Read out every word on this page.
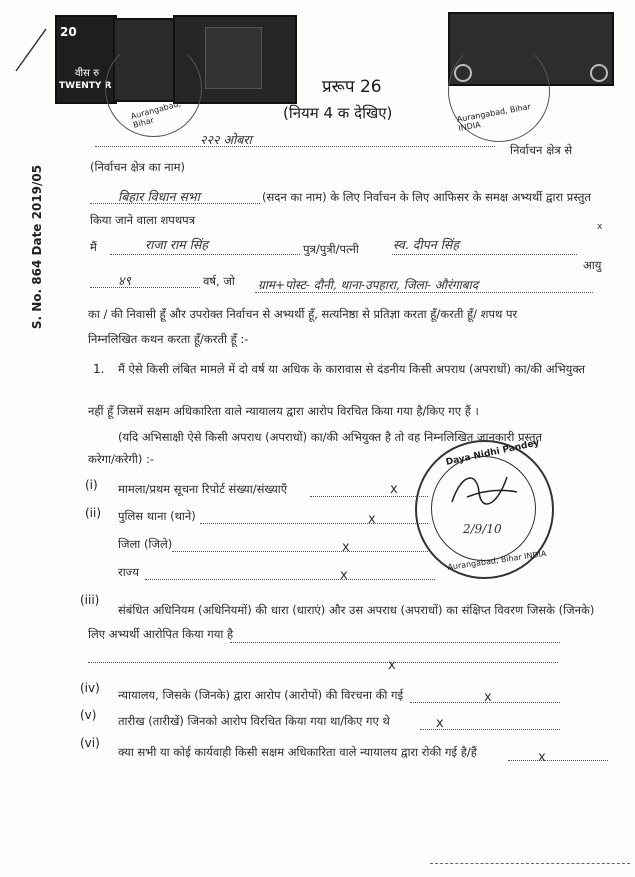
20
वीस रु
TWENTY R
Aurangabad, Bihar	Aurangabad, Bihar INDIA
S. No. 864 Date 2019/05
प्ररूप 26
(नियम 4 क देखिए)
२२२ ओबरा
निर्वाचन क्षेत्र से
(निर्वाचन क्षेत्र का नाम)
बिहार विधान सभा	(सदन का नाम) के लिए निर्वाचन के लिए आफिसर के समक्ष अभ्यर्थी द्वारा प्रस्तुत
किया जाने वाला शपथपत्र	x
मैं	राजा राम सिंह	पुत्र/पुत्री/पत्नी	स्व. दीपन सिंह
आयु
४९	वर्ष, जो ग्राम+पोस्ट- दौनी, थाना-उपहारा, जिला- औरंगाबाद
का / की निवासी हूँ और उपरोक्त निर्वाचन से अभ्यर्थी हूँ, सत्यनिष्ठा से प्रतिज्ञा करता हूँ/करती हूँ/ शपथ पर
निम्नलिखित कथन करता हूँ/करती हूँ :-
1. मैं ऐसे किसी लंबित मामले में दो वर्ष या अधिक के कारावास से दंडनीय किसी अपराध (अपराधों) का/की अभियुक्त
नहीं हूँ जिसमें सक्षम अधिकारिता वाले न्यायालय द्वारा आरोप विरचित किया गया है/किए गए हैं ।
(यदि अभिसाक्षी ऐसे किसी अपराध (अपराधों) का/की अभियुक्त है तो वह निम्नलिखित जानकारी प्रस्तुत
करेगा/करेगी) :-
(i) मामला/प्रथम सूचना रिपोर्ट संख्या/संख्याएँ	x
(ii) पुलिस थाना (थाने)	x
जिला (जिले)	x
राज्य	x
Daya Nidhi Pandey
Aurangabad, Bihar INDIA
2/9/10
(iii)
संबंधित अधिनियम (अधिनियमों) की धारा (धाराएं) और उस अपराध (अपराधों) का संक्षिप्त विवरण जिसके (जिनके)
लिए अभ्यर्थी आरोपित किया गया है
x
(iv) न्यायालय, जिसके (जिनके) द्वारा आरोप (आरोपों) की विरचना की गई	x
(v) तारीख (तारीखें) जिनको आरोप विरचित किया गया था/किए गए थे	x
(vi)
क्या सभी या कोई कार्यवाही किसी सक्षम अधिकारिता वाले न्यायालय द्वारा रोकी गई है/हैं	x
